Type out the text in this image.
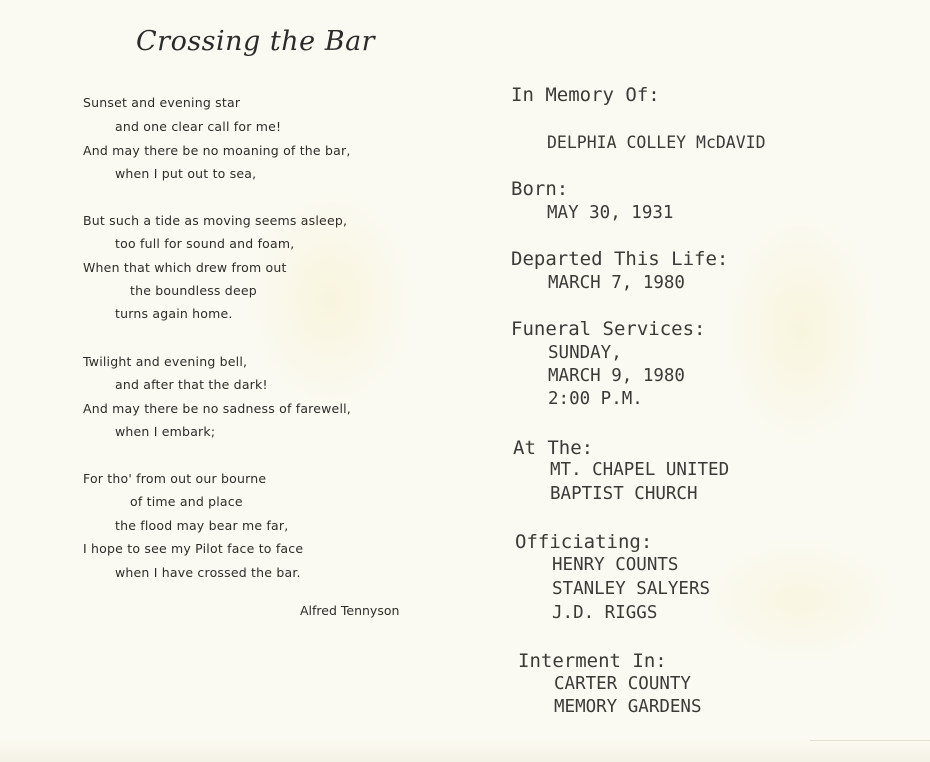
Crossing the Bar
Sunset and evening star
and one clear call for me!
And may there be no moaning of the bar,
when I put out to sea,
But such a tide as moving seems asleep,
too full for sound and foam,
When that which drew from out
the boundless deep
turns again home.
Twilight and evening bell,
and after that the dark!
And may there be no sadness of farewell,
when I embark;
For tho' from out our bourne
of time and place
the flood may bear me far,
I hope to see my Pilot face to face
when I have crossed the bar.
Alfred Tennyson
In Memory Of:
DELPHIA COLLEY McDAVID
Born:
MAY 30, 1931
Departed This Life:
MARCH 7, 1980
Funeral Services:
SUNDAY,
MARCH 9, 1980
2:00 P.M.
At The:
MT. CHAPEL UNITED
BAPTIST CHURCH
Officiating:
HENRY COUNTS
STANLEY SALYERS
J.D. RIGGS
Interment In:
CARTER COUNTY
MEMORY GARDENS
